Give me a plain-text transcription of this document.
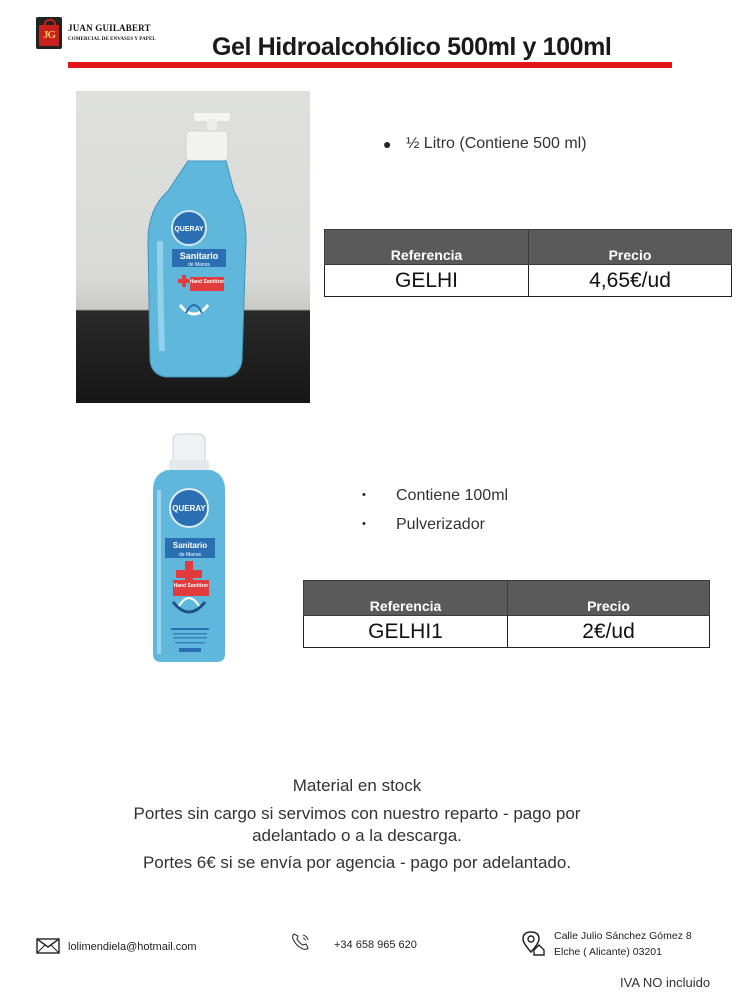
JG
JUAN GUILABERT
COMERCIAL DE ENVASES Y PAPEL Gel Hidroalcohólico 500ml y 100ml
QUERAY
Sanitario
de Manos
Hand Sanitizer
● ½ Litro (Contiene 500 ml)
Referencia	Precio
GELHI	4,65€/ud
QUERAY
Sanitario
de Manos
Hand Sanitizer
• Contiene 100ml
• Pulverizador
Referencia	Precio
GELHI1	2€/ud
Material en stock
Portes sin cargo si servimos con nuestro reparto - pago por
adelantado o a la descarga.
Portes 6€ si se envía por agencia - pago por adelantado.
lolimendiela@hotmail.com	+34 658 965 620
Calle Julio Sánchez Gómez 8
Elche ( Alicante) 03201
IVA NO incluido
